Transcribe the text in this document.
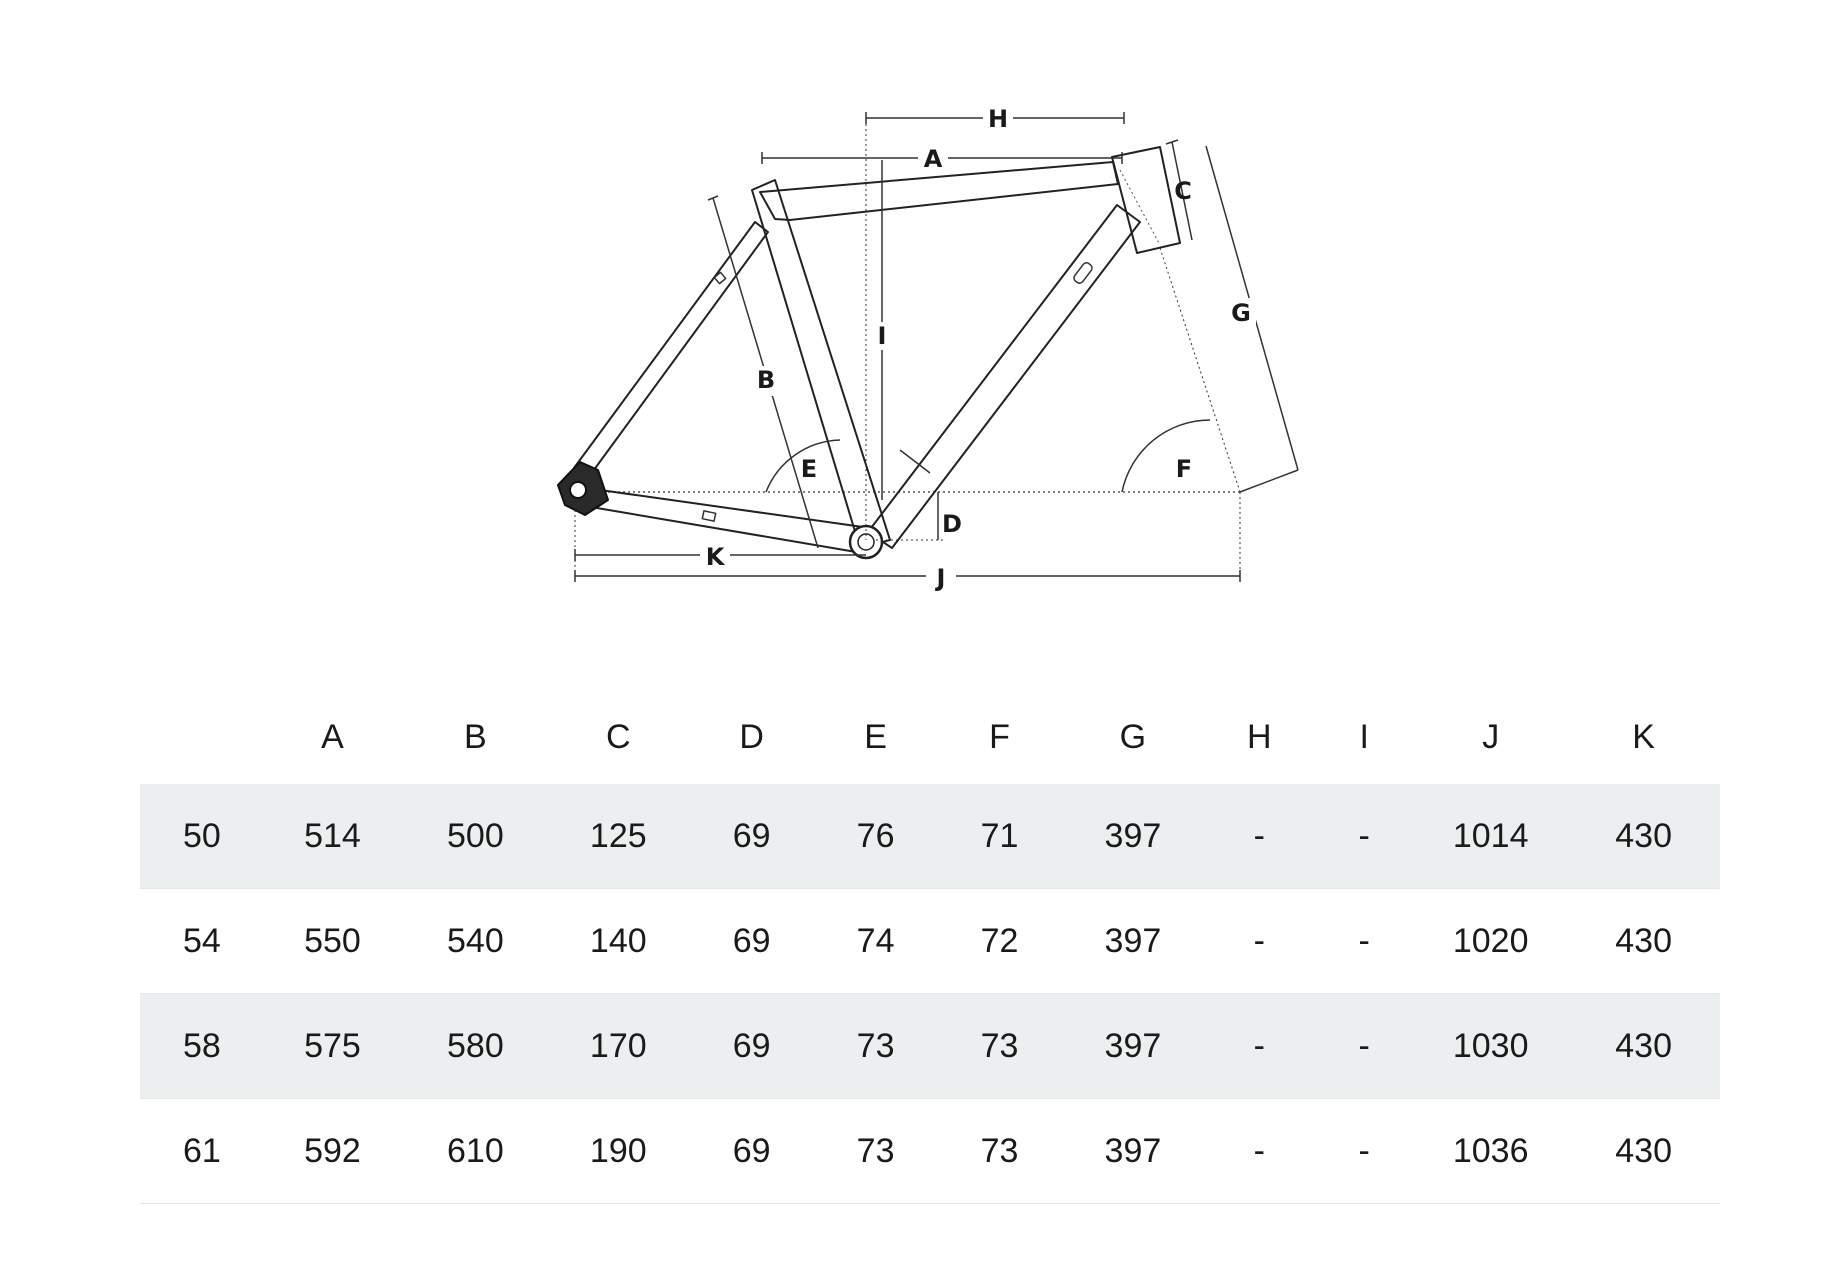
H
A
I
B
C
G
E	F
D
K
J
	A	B	C	D	E	F	G	H	I	J	K
50	514	500	125	69	76	71	397	-	-	1014	430
54	550	540	140	69	74	72	397	-	-	1020	430
58	575	580	170	69	73	73	397	-	-	1030	430
61	592	610	190	69	73	73	397	-	-	1036	430
